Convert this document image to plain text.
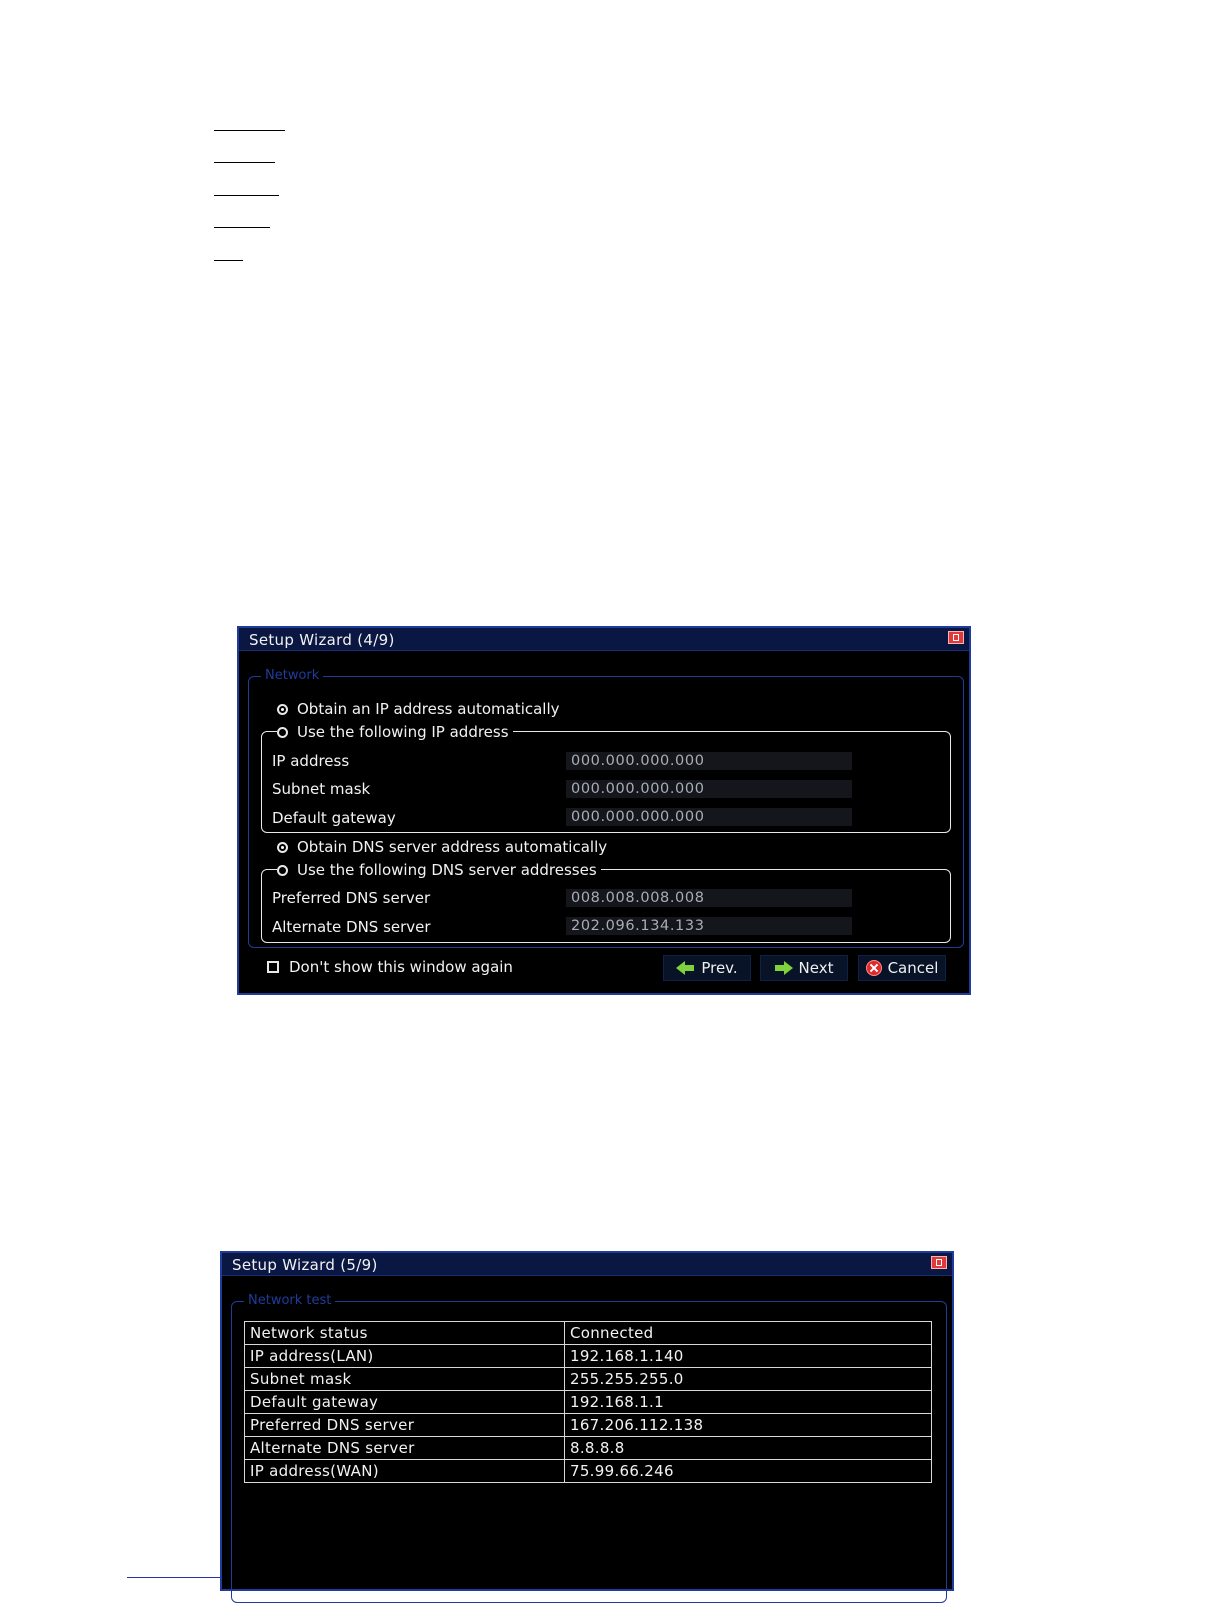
Setup Wizard (4/9)
Network
Obtain an IP address automatically
Use the following IP address
IP address	000.000.000.000
Subnet mask	000.000.000.000
Default gateway	000.000.000.000
Obtain DNS server address automatically
Use the following DNS server addresses
Preferred DNS server	008.008.008.008
Alternate DNS server	202.096.134.133
Don't show this window again	Prev.	Next	Cancel
Setup Wizard (5/9)
Network test
Network status	Connected
IP address(LAN)	192.168.1.140
Subnet mask	255.255.255.0
Default gateway	192.168.1.1
Preferred DNS server	167.206.112.138
Alternate DNS server	8.8.8.8
IP address(WAN)	75.99.66.246
